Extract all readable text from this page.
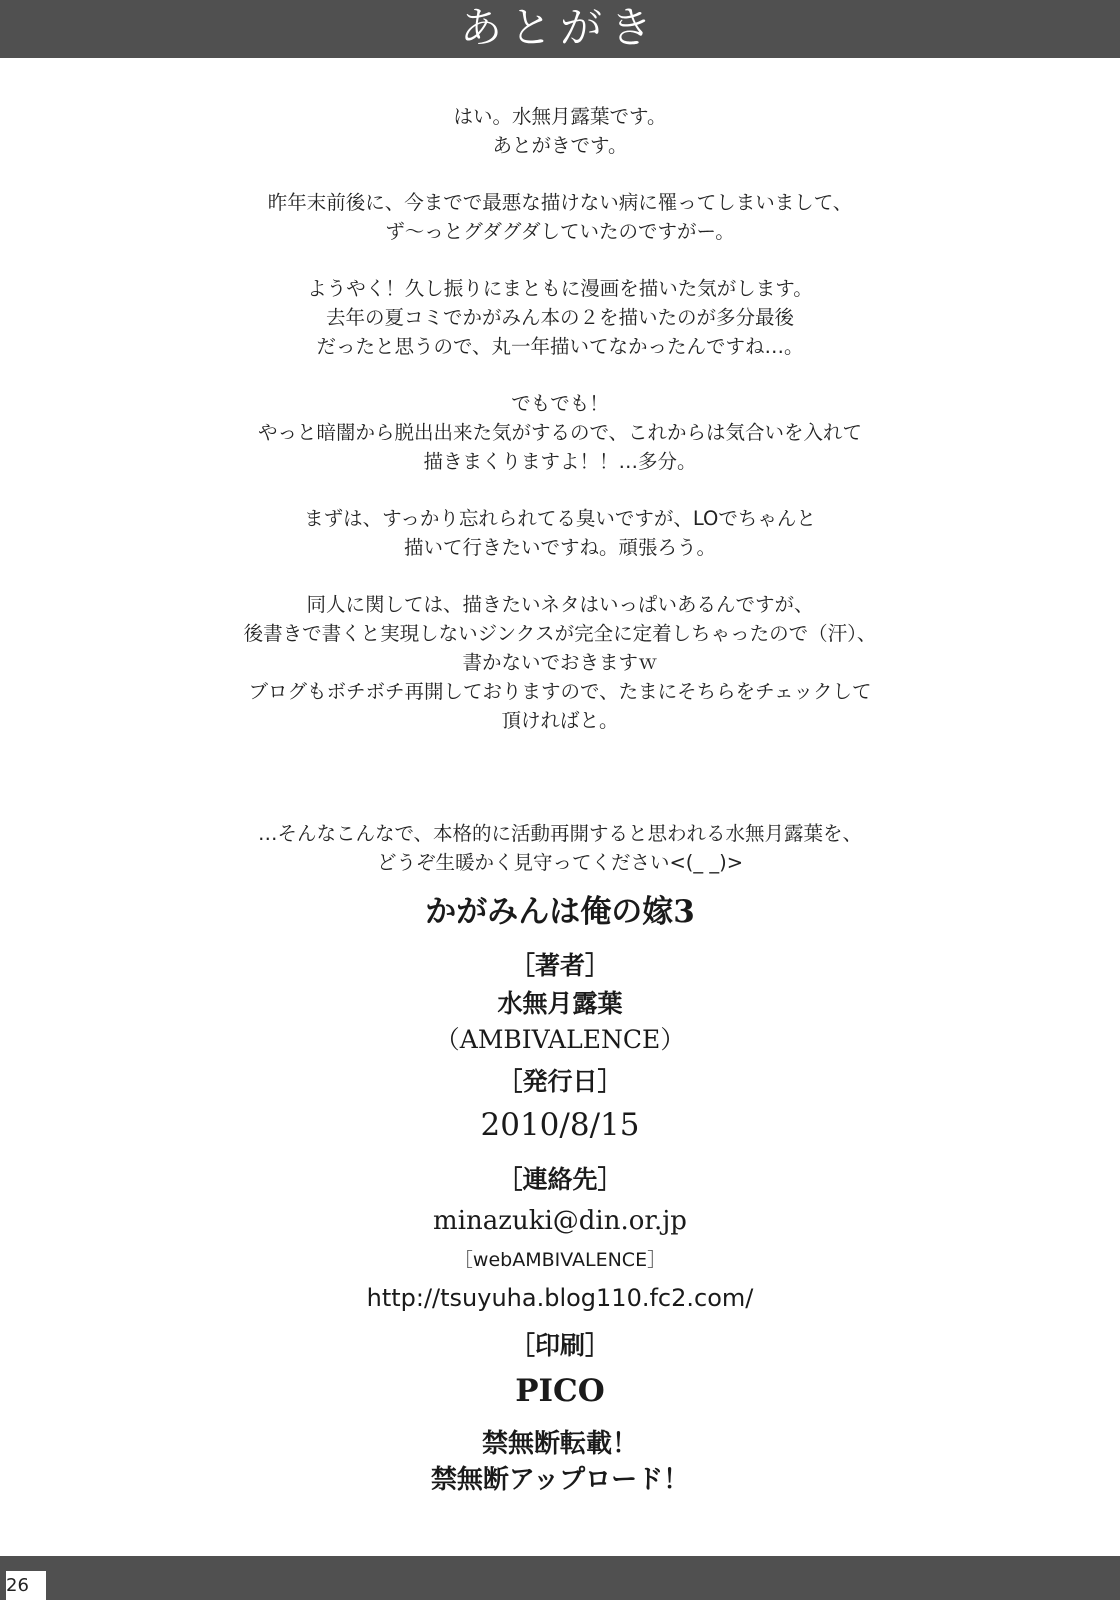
あとがき
はい。水無月露葉です。
あとがきです。
昨年末前後に、今までで最悪な描けない病に罹ってしまいまして、
ず～っとグダグダしていたのですがー。
ようやく！久し振りにまともに漫画を描いた気がします。
去年の夏コミでかがみん本の２を描いたのが多分最後
だったと思うので、丸一年描いてなかったんですね…。
でもでも！
やっと暗闇から脱出出来た気がするので、これからは気合いを入れて
描きまくりますよ！！…多分。
まずは、すっかり忘れられてる臭いですが、LOでちゃんと
描いて行きたいですね。頑張ろう。
同人に関しては、描きたいネタはいっぱいあるんですが、
後書きで書くと実現しないジンクスが完全に定着しちゃったので（汗）、
書かないでおきますｗ
ブログもボチボチ再開しておりますので、たまにそちらをチェックして
頂ければと。
…そんなこんなで、本格的に活動再開すると思われる水無月露葉を、
どうぞ生暖かく見守ってください<(_ _)>
かがみんは俺の嫁3
［著者］
水無月露葉
（AMBIVALENCE）
［発行日］
2010/8/15
［連絡先］
minazuki@din.or.jp
［webAMBIVALENCE］
http://tsuyuha.blog110.fc2.com/
［印刷］
PICO
禁無断転載！
禁無断アップロード！
26
